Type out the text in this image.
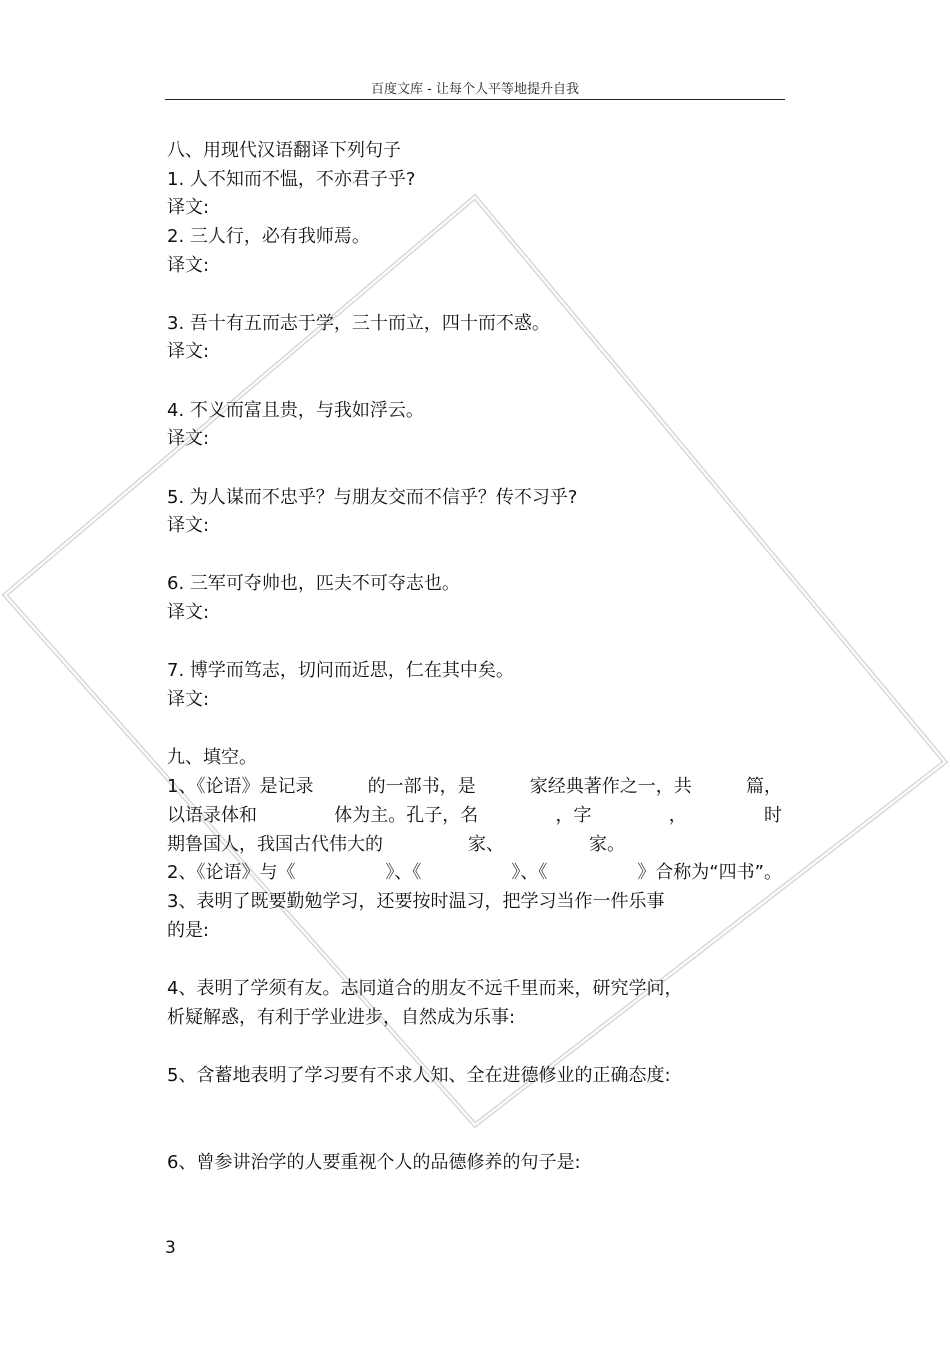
百度文库 - 让每个人平等地提升自我
八、用现代汉语翻译下列句子
1. 人不知而不愠，不亦君子乎?
译文:
2. 三人行，必有我师焉。
译文:
3. 吾十有五而志于学，三十而立，四十而不惑。
译文:
4. 不义而富且贵，与我如浮云。
译文:
5. 为人谋而不忠乎？与朋友交而不信乎？传不习乎?
译文:
6. 三军可夺帅也，匹夫不可夺志也。
译文:
7. 博学而笃志，切问而近思，仁在其中矣。
译文:
九、填空。
1、《论语》是记录	的一部书，是	家经典著作之一，共	篇，
以语录体和	体为主。孔子，名	，字	，	时
期鲁国人，我国古代伟大的	家、	家。
2、《论语》与《	》、《	》、《	》合称为“四书”。
3、表明了既要勤勉学习，还要按时温习，把学习当作一件乐事
的是:
4、表明了学须有友。志同道合的朋友不远千里而来，研究学问，
析疑解惑，有利于学业进步，自然成为乐事:
5、含蓄地表明了学习要有不求人知、全在进德修业的正确态度:
6、曾参讲治学的人要重视个人的品德修养的句子是:
3
